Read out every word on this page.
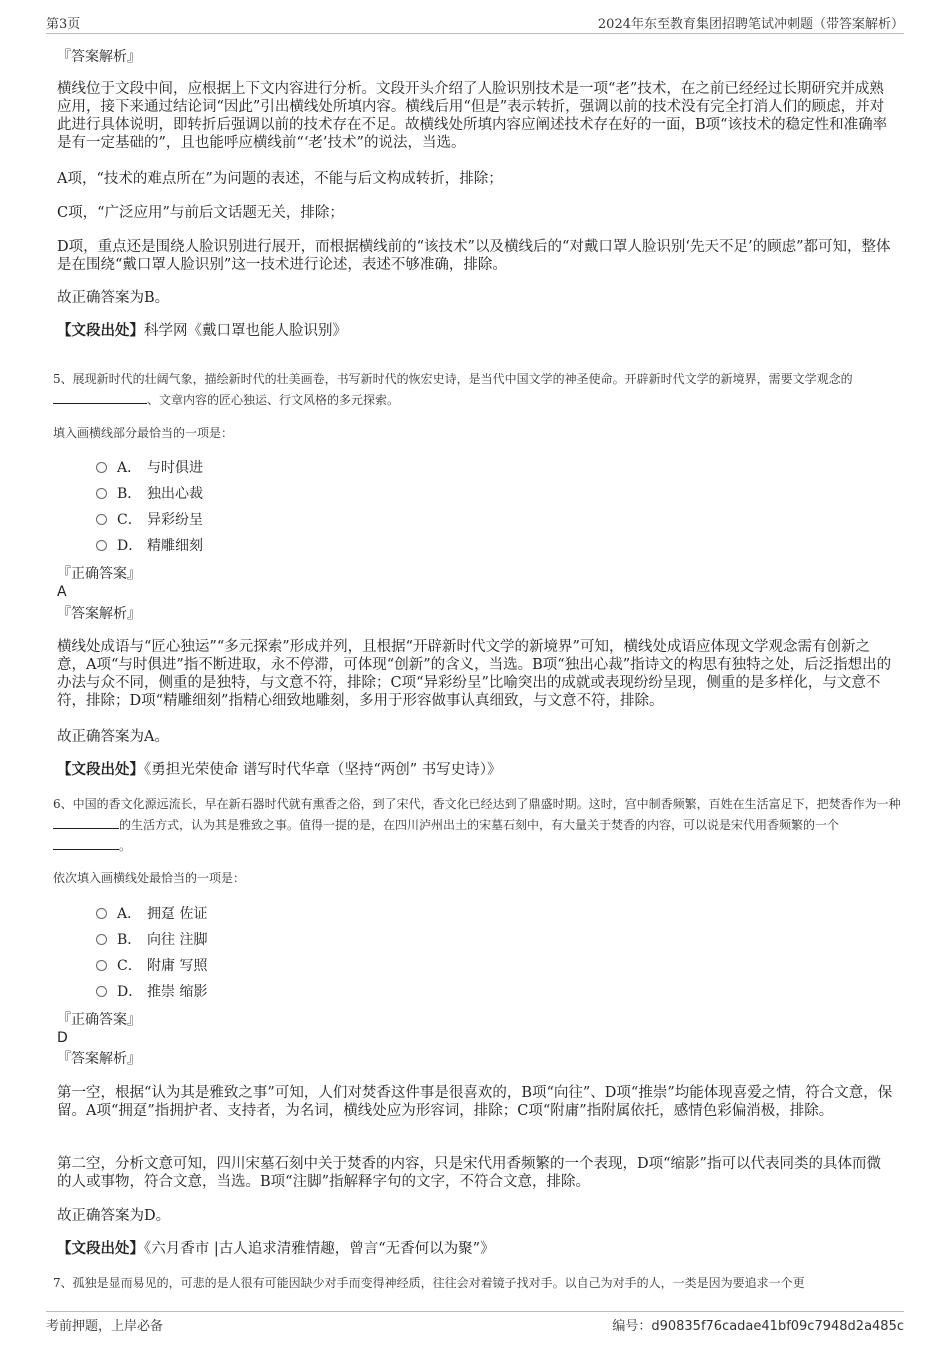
第3页	2024年东至教育集团招聘笔试冲刺题（带答案解析）
『答案解析』
横线位于文段中间，应根据上下文内容进行分析。文段开头介绍了人脸识别技术是一项“老”技术，在之前已经经过长期研究并成熟应用，接下来通过结论词“因此”引出横线处所填内容。横线后用“但是”表示转折，强调以前的技术没有完全打消人们的顾虑，并对此进行具体说明，即转折后强调以前的技术存在不足。故横线处所填内容应阐述技术存在好的一面，B项“该技术的稳定性和准确率是有一定基础的”，且也能呼应横线前“‘老’技术”的说法，当选。
A项，“技术的难点所在”为问题的表述，不能与后文构成转折，排除；
C项，“广泛应用”与前后文话题无关，排除；
D项，重点还是围绕人脸识别进行展开，而根据横线前的“该技术”以及横线后的“对戴口罩人脸识别‘先天不足’的顾虑”都可知，整体是在围绕“戴口罩人脸识别”这一技术进行论述，表述不够准确，排除。
故正确答案为B。
【文段出处】科学网《戴口罩也能人脸识别》
5、展现新时代的壮阔气象，描绘新时代的壮美画卷，书写新时代的恢宏史诗，是当代中国文学的神圣使命。开辟新时代文学的新境界，需要文学观念的、文章内容的匠心独运、行文风格的多元探索。
填入画横线部分最恰当的一项是：
A． 与时俱进
B． 独出心裁
C． 异彩纷呈
D． 精雕细刻
『正确答案』
A
『答案解析』
横线处成语与“匠心独运”“多元探索”形成并列，且根据“开辟新时代文学的新境界”可知，横线处成语应体现文学观念需有创新之意，A项“与时俱进”指不断进取，永不停滞，可体现“创新”的含义，当选。B项“独出心裁”指诗文的构思有独特之处，后泛指想出的办法与众不同，侧重的是独特，与文意不符，排除；C项“异彩纷呈”比喻突出的成就或表现纷纷呈现，侧重的是多样化，与文意不符，排除；D项“精雕细刻”指精心细致地雕刻，多用于形容做事认真细致，与文意不符，排除。
故正确答案为A。
【文段出处】《勇担光荣使命 谱写时代华章（坚持“两创” 书写史诗）》
6、中国的香文化源远流长，早在新石器时代就有熏香之俗，到了宋代，香文化已经达到了鼎盛时期。这时，宫中制香频繁，百姓在生活富足下，把焚香作为一种的生活方式，认为其是雅致之事。值得一提的是，在四川泸州出土的宋墓石刻中，有大量关于焚香的内容，可以说是宋代用香频繁的一个。
依次填入画横线处最恰当的一项是：
A． 拥趸 佐证
B． 向往 注脚
C． 附庸 写照
D． 推崇 缩影
『正确答案』
D
『答案解析』
第一空，根据“认为其是雅致之事”可知，人们对焚香这件事是很喜欢的，B项“向往”、D项“推崇”均能体现喜爱之情，符合文意，保留。A项“拥趸”指拥护者、支持者，为名词，横线处应为形容词，排除；C项“附庸”指附属依托，感情色彩偏消极，排除。
第二空，分析文意可知，四川宋墓石刻中关于焚香的内容，只是宋代用香频繁的一个表现，D项“缩影”指可以代表同类的具体而微的人或事物，符合文意，当选。B项“注脚”指解释字句的文字，不符合文意，排除。
故正确答案为D。
【文段出处】《六月香市 |古人追求清雅情趣，曾言“无香何以为聚”》
7、孤独是显而易见的，可悲的是人很有可能因缺少对手而变得神经质，往往会对着镜子找对手。以自己为对手的人，一类是因为要追求一个更
考前押题，上岸必备	编号：d90835f76cadae41bf09c7948d2a485c
